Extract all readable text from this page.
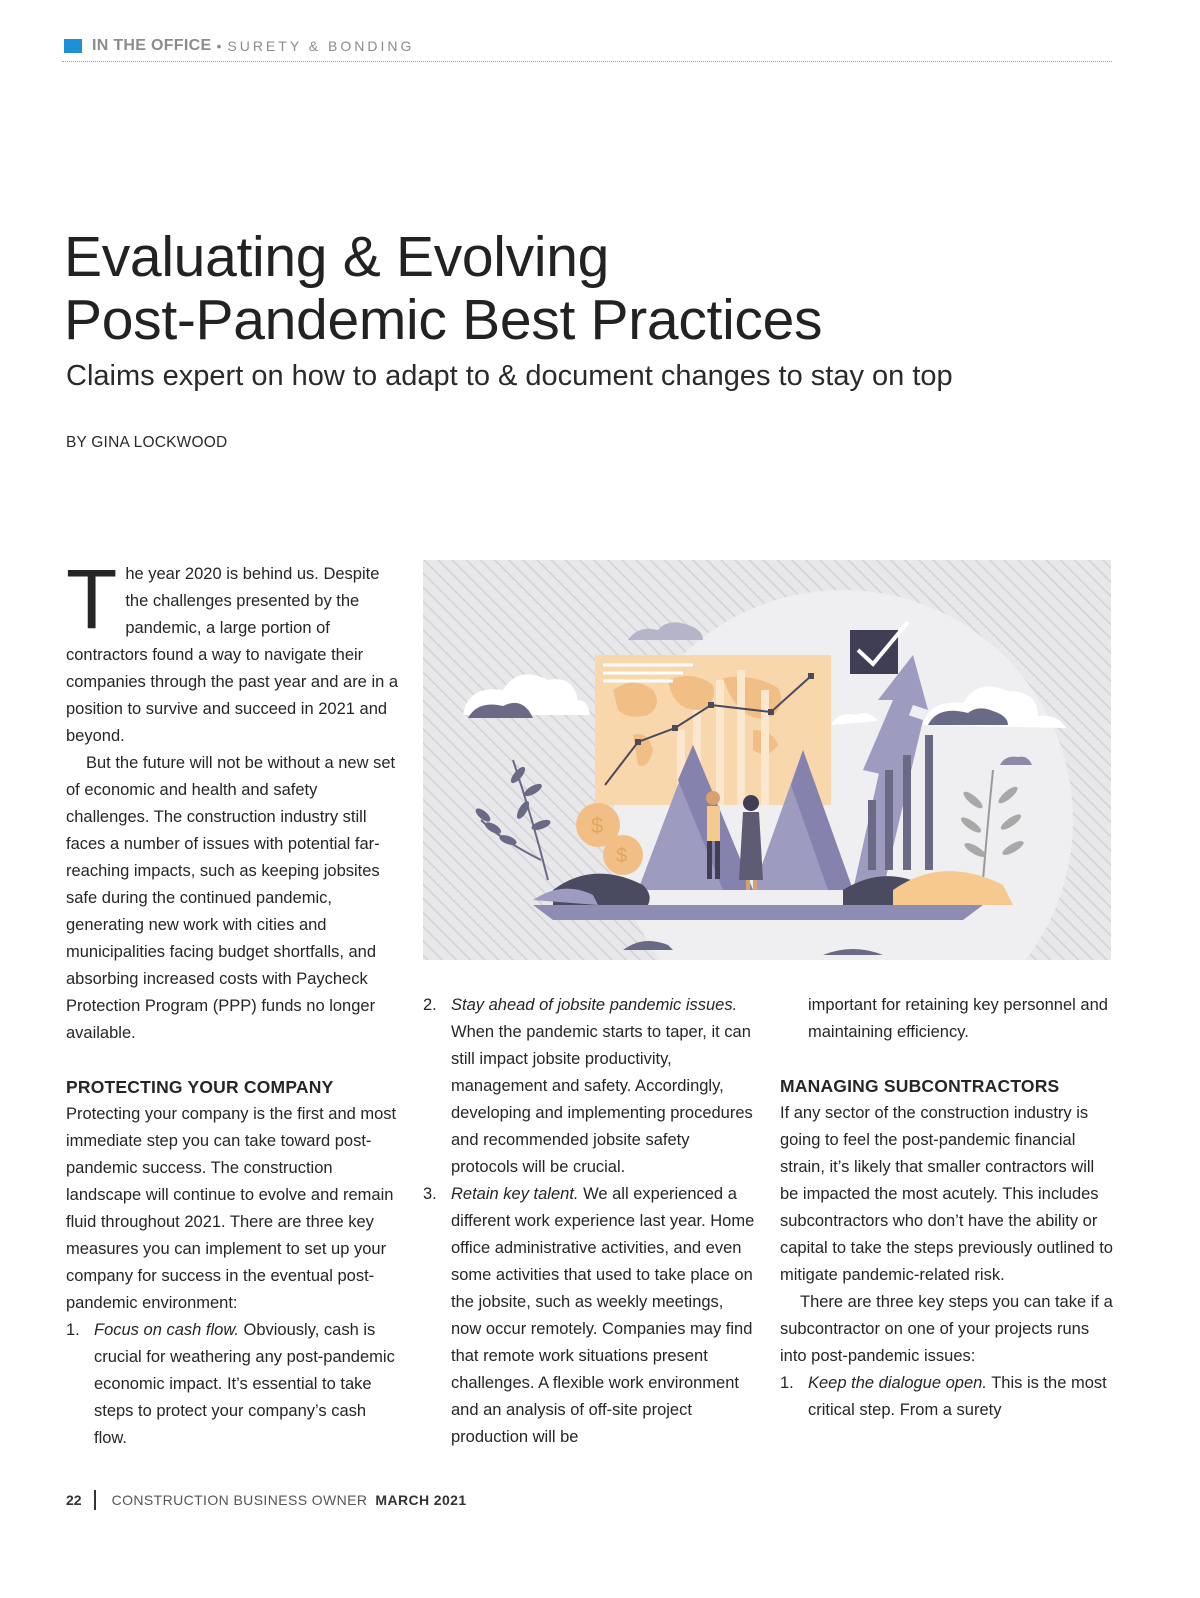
IN THE OFFICE • SURETY & BONDING
Evaluating & Evolving
Post-Pandemic Best Practices
Claims expert on how to adapt to & document changes to stay on top
BY GINA LOCKWOOD

The year 2020 is behind us. Despite the challenges presented by the pandemic, a large portion of contractors found a way to navigate their companies through the past year and are in a position to survive and succeed in 2021 and beyond.

But the future will not be without a new set of economic and health and safety challenges. The construction industry still faces a number of issues with potential far-reaching impacts, such as keeping jobsites safe during the continued pandemic, generating new work with cities and municipalities facing budget shortfalls, and absorbing increased costs with Paycheck Protection Program (PPP) funds no longer available.

PROTECTING YOUR COMPANY

Protecting your company is the first and most immediate step you can take toward post-pandemic success. The construction landscape will continue to evolve and remain fluid throughout 2021. There are three key measures you can implement to set up your company for success in the eventual post-pandemic environment:

1. Focus on cash flow. Obviously, cash is crucial for weathering any post-pandemic economic impact. It’s essential to take steps to protect your company’s cash flow.
$
$
2. Stay ahead of jobsite pandemic issues. When the pandemic starts to taper, it can still impact jobsite productivity, management and safety. Accordingly, developing and implementing procedures and recommended jobsite safety protocols will be crucial.
3. Retain key talent. We all experienced a different work experience last year. Home office administrative activities, and even some activities that used to take place on the jobsite, such as weekly meetings, now occur remotely. Companies may find that remote work situations present challenges. A flexible work environment and an analysis of off-site project production will be
important for retaining key personnel and maintaining efficiency.
MANAGING SUBCONTRACTORS

If any sector of the construction industry is going to feel the post-pandemic financial strain, it’s likely that smaller contractors will be impacted the most acutely. This includes subcontractors who don’t have the ability or capital to take the steps previously outlined to mitigate pandemic-related risk.

There are three key steps you can take if a subcontractor on one of your projects runs into post-pandemic issues:

1. Keep the dialogue open. This is the most critical step. From a surety
22 CONSTRUCTION BUSINESS OWNER MARCH 2021
